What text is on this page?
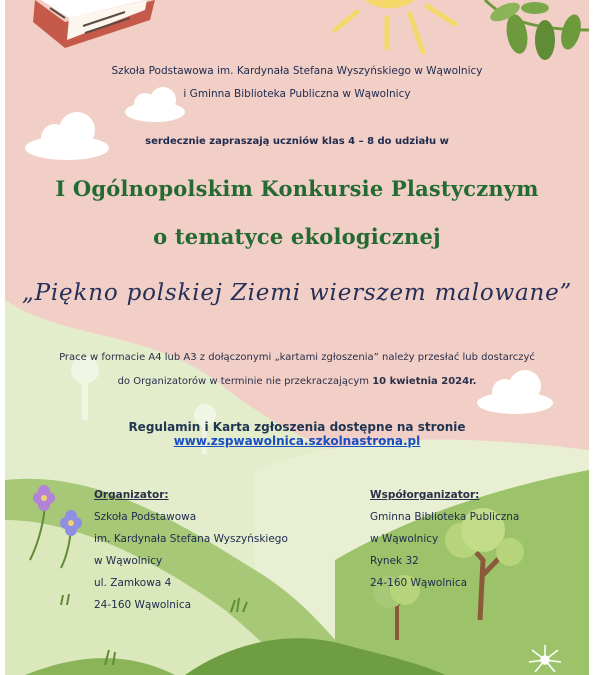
Szkoła Podstawowa im. Kardynała Stefana Wyszyńskiego w Wąwolnicy
i Gminna Biblioteka Publiczna w Wąwolnicy
serdecznie zapraszają uczniów klas 4 – 8 do udziału w
I Ogólnopolskim Konkursie Plastycznym
o tematyce ekologicznej
„Piękno polskiej Ziemi wierszem malowane”
Prace w formacie A4 lub A3 z dołączonymi „kartami zgłoszenia” należy przesłać lub dostarczyć
do Organizatorów w terminie nie przekraczającym 10 kwietnia 2024r.
Regulamin i Karta zgłoszenia dostępne na stronie www.zspwawolnica.szkolnastrona.pl
Organizator:
Szkoła Podstawowa
im. Kardynała Stefana Wyszyńskiego
w Wąwolnicy
ul. Zamkowa 4
24-160 Wąwolnica
Współorganizator:
Gminna Biblioteka Publiczna
w Wąwolnicy
Rynek 32
24-160 Wąwolnica
